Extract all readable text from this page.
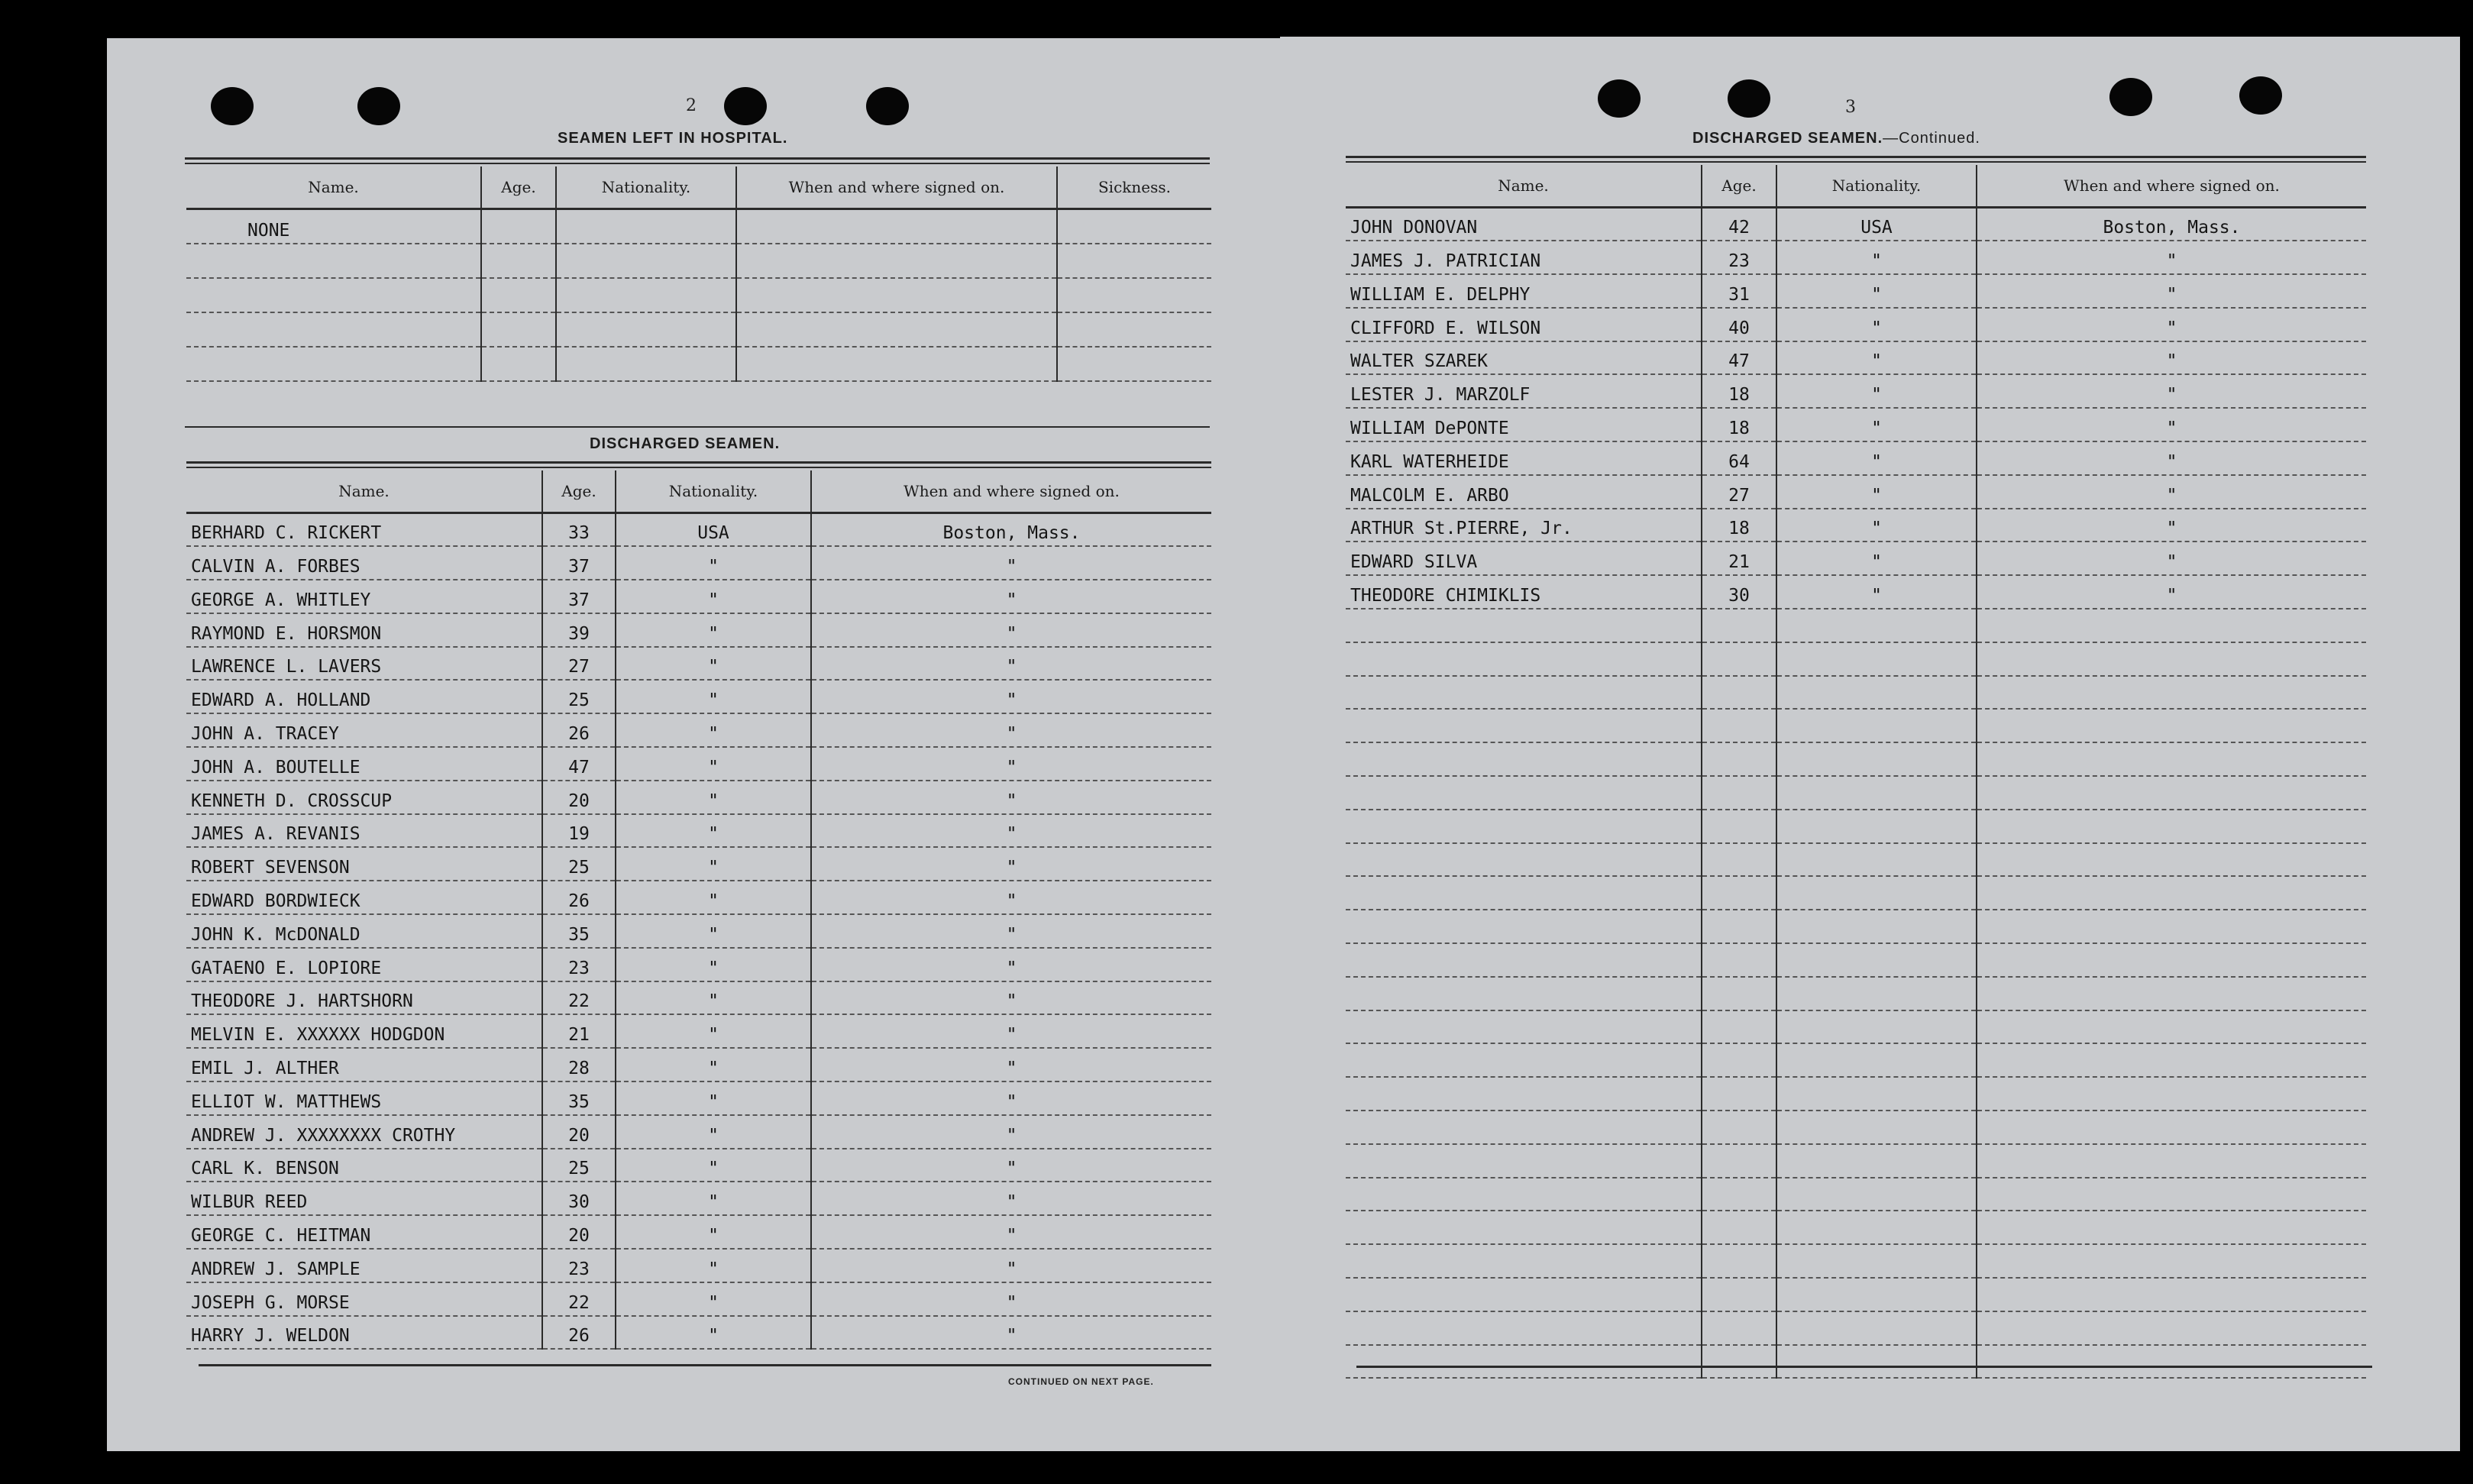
2
SEAMEN LEFT IN HOSPITAL.
Name.	Age.	Nationality.	When and where signed on.	Sickness.
NONE				

DISCHARGED SEAMEN.
Name.	Age.	Nationality.	When and where signed on.
BERHARD C. RICKERT	33	USA	Boston, Mass.
CALVIN A. FORBES	37	"	"
GEORGE A. WHITLEY	37	"	"
RAYMOND E. HORSMON	39	"	"
LAWRENCE L. LAVERS	27	"	"
EDWARD A. HOLLAND	25	"	"
JOHN A. TRACEY	26	"	"
JOHN A. BOUTELLE	47	"	"
KENNETH D. CROSSCUP	20	"	"
JAMES A. REVANIS	19	"	"
ROBERT SEVENSON	25	"	"
EDWARD BORDWIECK	26	"	"
JOHN K. McDONALD	35	"	"
GATAENO E. LOPIORE	23	"	"
THEODORE J. HARTSHORN	22	"	"
MELVIN E. XXXXXX HODGDON	21	"	"
EMIL J. ALTHER	28	"	"
ELLIOT W. MATTHEWS	35	"	"
ANDREW J. XXXXXXXX CROTHY	20	"	"
CARL K. BENSON	25	"	"
WILBUR REED	30	"	"
GEORGE C. HEITMAN	20	"	"
ANDREW J. SAMPLE	23	"	"
JOSEPH G. MORSE	22	"	"
HARRY J. WELDON	26	"	"
CONTINUED ON NEXT PAGE.
3
DISCHARGED SEAMEN.—Continued.
Name.	Age.	Nationality.	When and where signed on.
JOHN DONOVAN	42	USA	Boston, Mass.
JAMES J. PATRICIAN	23	"	"
WILLIAM E. DELPHY	31	"	"
CLIFFORD E. WILSON	40	"	"
WALTER SZAREK	47	"	"
LESTER J. MARZOLF	18	"	"
WILLIAM DePONTE	18	"	"
KARL WATERHEIDE	64	"	"
MALCOLM E. ARBO	27	"	"
ARTHUR St.PIERRE, Jr.	18	"	"
EDWARD SILVA	21	"	"
THEODORE CHIMIKLIS	30	"	"
